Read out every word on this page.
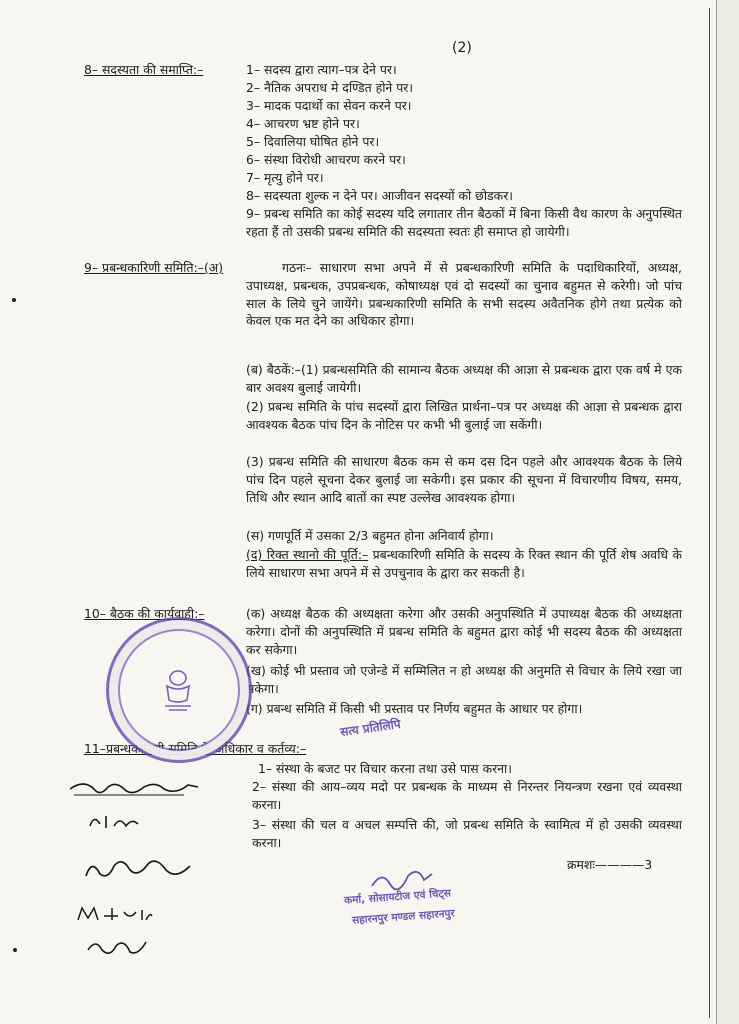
(2)
8– सदस्यता की समाप्ति:–	1– सदस्य द्वारा त्याग–पत्र देने पर।
2– नैतिक अपराध मे दण्डित होने पर।
3– मादक पदार्थो का सेवन करने पर।
4– आचरण भ्रष्ट होने पर।
5– दिवालिया घोषित होने पर।
6– संस्था विरोधी आचरण करने पर।
7– मृत्यु होने पर।
8– सदस्यता शुल्क न देने पर। आजीवन सदस्यों को छोडकर।
9– प्रबन्ध समिति का कोई सदस्य यदि लगातार तीन बैठकों में बिना किसी वैध कारण के अनुपस्थित रहता हैं तो उसकी प्रबन्ध समिति की सदस्यता स्वतः ही समाप्त हो जायेगी।
9– प्रबन्धकारिणी समिति:–(अ)	गठनः– साधारण सभा अपने में से प्रबन्धकारिणी समिति के पदाधिकारियों, अध्यक्ष, उपाध्यक्ष, प्रबन्धक, उपप्रबन्धक, कोषाध्यक्ष एवं दो सदस्यों का चुनाव बहुमत से करेगी। जो पांच साल के लिये चुने जायेंगे। प्रबन्धकारिणी समिति के सभी सदस्य अवैतनिक होगे तथा प्रत्येक को केवल एक मत देने का अधिकार होगा।
(ब) बैठकें:–(1) प्रबन्धसमिति की सामान्य बैठक अध्यक्ष की आज्ञा से प्रबन्धक द्वारा एक वर्ष मे एक बार अवश्य बुलाई जायेगी।
(2) प्रबन्ध समिति के पांच सदस्यों द्वारा लिखित प्रार्थना–पत्र पर अध्यक्ष की आज्ञा से प्रबन्धक द्वारा आवश्यक बैठक पांच दिन के नोटिस पर कभी भी बुलाई जा सकेंगी।
(3) प्रबन्ध समिति की साधारण बैठक कम से कम दस दिन पहले और आवश्यक बैठक के लिये पांच दिन पहले सूचना देकर बुलाई जा सकेगी। इस प्रकार की सूचना में विचारणीय विषय, समय, तिथि और स्थान आदि बातों का स्पष्ट उल्लेख आवश्यक होगा।
(स) गणपूर्ति में उसका 2/3 बहुमत होना अनिवार्य होगा।
(द) रिक्त स्थानो की पूर्ति:– प्रबन्धकारिणी समिति के सदस्य के रिक्त स्थान की पूर्ति शेष अवधि के लिये साधारण सभा अपने में से उपचुनाव के द्वारा कर सकती है।
10– बैठक की कार्यवाही:–	(क) अध्यक्ष बैठक की अध्यक्षता करेगा और उसकी अनुपस्थिति में उपाध्यक्ष बैठक की अध्यक्षता करेगा। दोनों की अनुपस्थिति में प्रबन्ध समिति के बहुमत द्वारा कोई भी सदस्य बैठक की अध्यक्षता कर सकेगा।
(ख) कोई भी प्रस्ताव जो एजेन्डे में सम्मिलित न हो अध्यक्ष की अनुमति से विचार के लिये रखा जा सकेगा।
(ग) प्रबन्ध समिति में किसी भी प्रस्ताव पर निर्णय बहुमत के आधार पर होगा।
11–प्रबन्धकारिणी समिति के अधिकार व कर्तव्य:–
1– संस्था के बजट पर विचार करना तथा उसे पास करना।
2– संस्था की आय–व्यय मदो पर प्रबन्धक के माध्यम से निरन्तर नियन्त्रण रखना एवं व्यवस्था करना।
3– संस्था की चल व अचल सम्पत्ति की, जो प्रबन्ध समिति के स्वामित्व में हो उसकी व्यवस्था करना।
क्रमशः————3
सत्य प्रतिलिपि
कर्मा, सोसायटीज एवं चिट्स
सहारनपुर मण्डल सहारनपुर
